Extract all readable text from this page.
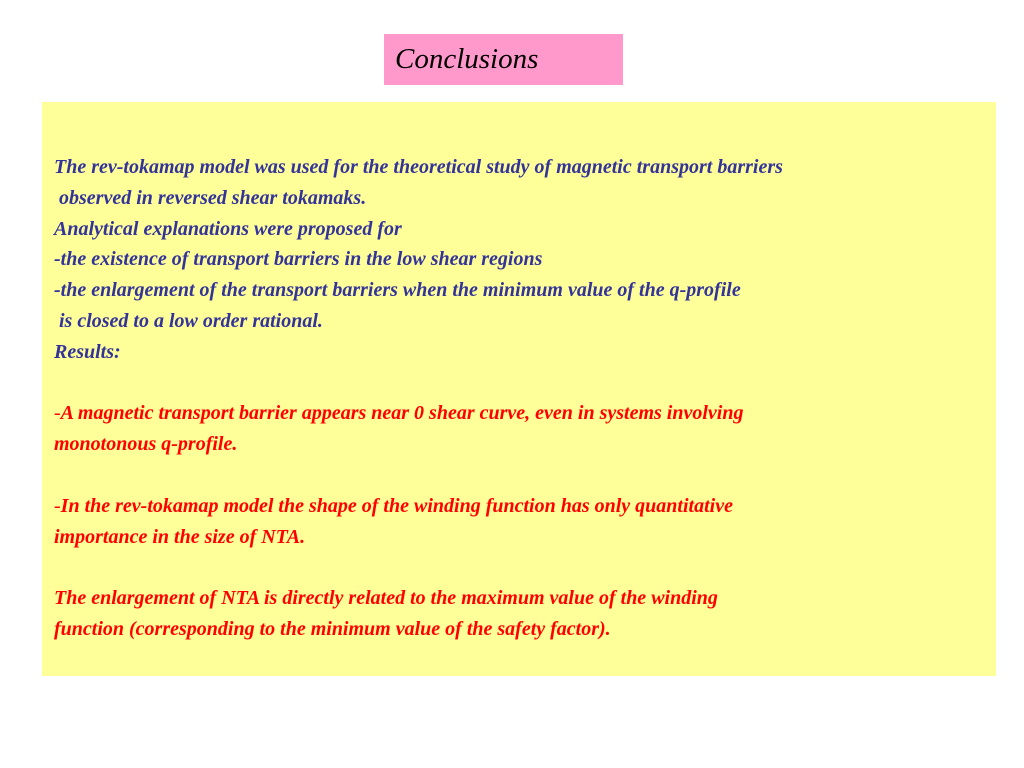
Conclusions
The rev-tokamap model was used for the theoretical study of magnetic transport barriers
observed in reversed shear tokamaks.
Analytical explanations were proposed for
-the existence of transport barriers in the low shear regions
-the enlargement of the transport barriers when the minimum value of the q-profile
is closed to a low order rational.
Results:
-A magnetic transport barrier appears near 0 shear curve, even in systems involving
monotonous q-profile.
-In the rev-tokamap model the shape of the winding function has only quantitative
importance in the size of NTA.
The enlargement of NTA is directly related to the maximum value of the winding
function (corresponding to the minimum value of the safety factor).
